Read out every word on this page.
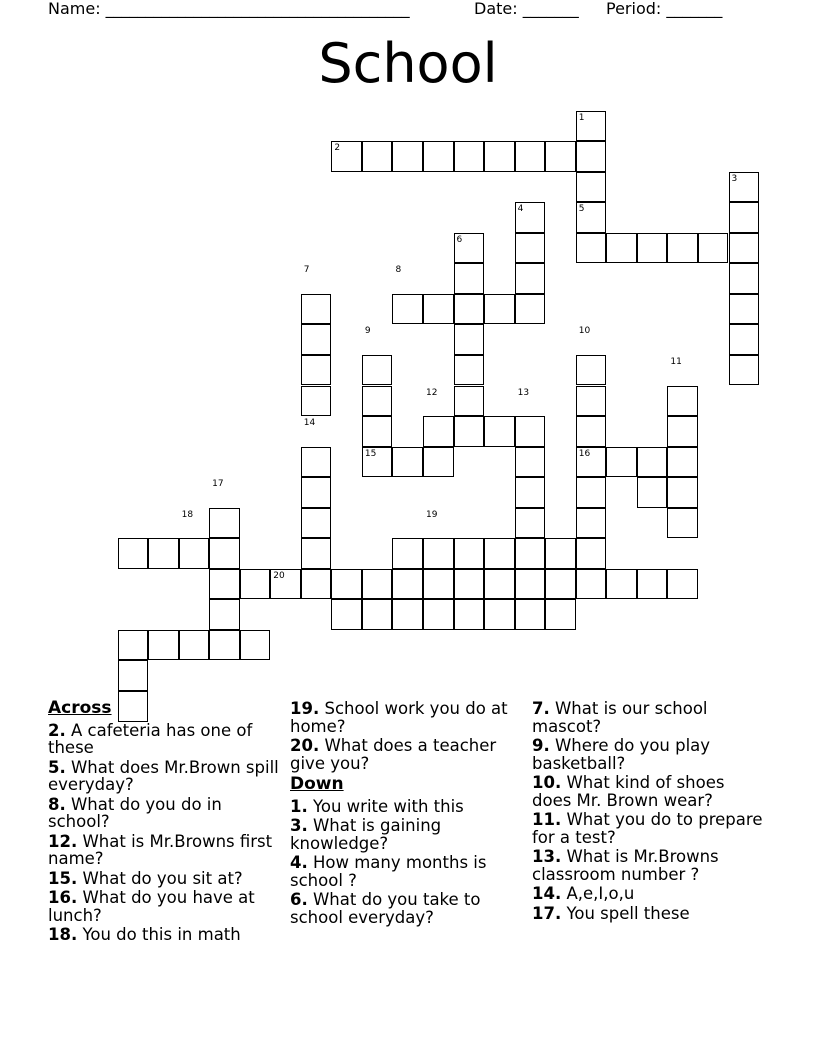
Name: ______________________________________	Date: _______ Period: _______
School
1
2
3
4	5
6
7	8
9	10
11
12	13
14
15	16
17
18	19
20
Across
2. A cafeteria has one of these
5. What does Mr.Brown spill everyday?
8. What do you do in school?
12. What is Mr.Browns first name?
15. What do you sit at?
16. What do you have at lunch?
18. You do this in math
19. School work you do at home?
20. What does a teacher give you?
Down
1. You write with this
3. What is gaining knowledge?
4. How many months is school ?
6. What do you take to school everyday?
7. What is our school mascot?
9. Where do you play basketball?
10. What kind of shoes does Mr. Brown wear?
11. What you do to prepare for a test?
13. What is Mr.Browns classroom number ?
14. A,e,I,o,u
17. You spell these
